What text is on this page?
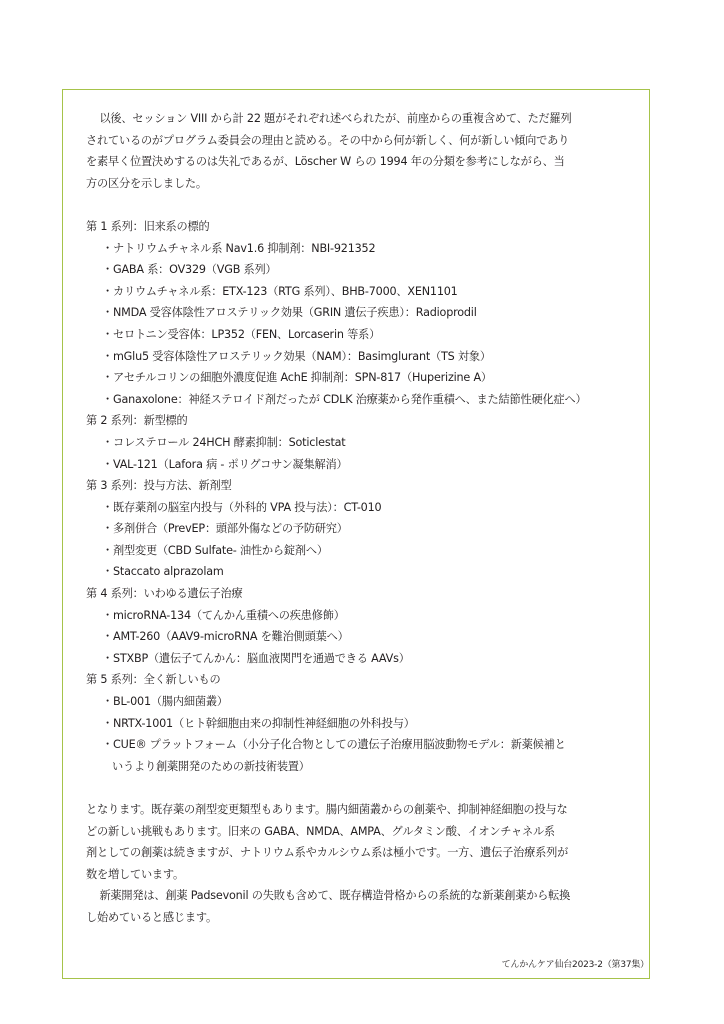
以後、セッション VIII から計 22 題がそれぞれ述べられたが、前座からの重複含めて、ただ羅列

されているのがプログラム委員会の理由と読める。その中から何が新しく、何が新しい傾向であり

を素早く位置決めするのは失礼であるが、Löscher W らの 1994 年の分類を参考にしながら、当

方の区分を示しました。

第 1 系列：旧来系の標的

・ナトリウムチャネル系 Nav1.6 抑制剤：NBI-921352

・GABA 系：OV329（VGB 系列）

・カリウムチャネル系：ETX-123（RTG 系列）、BHB-7000、XEN1101

・NMDA 受容体陰性アロステリック効果（GRIN 遺伝子疾患）：Radioprodil

・セロトニン受容体：LP352（FEN、Lorcaserin 等系）

・mGlu5 受容体陰性アロステリック効果（NAM）：Basimglurant（TS 対象）

・アセチルコリンの細胞外濃度促進 AchE 抑制剤：SPN-817（Huperizine A）

・Ganaxolone：神経ステロイド剤だったが CDLK 治療薬から発作重積へ、また結節性硬化症へ）

第 2 系列：新型標的

・コレステロール 24HCH 酵素抑制：Soticlestat

・VAL-121（Lafora 病 - ポリグコサン凝集解消）

第 3 系列：投与方法、新剤型

・既存薬剤の脳室内投与（外科的 VPA 投与法）：CT-010

・多剤併合（PrevEP：頭部外傷などの予防研究）

・剤型変更（CBD Sulfate- 油性から錠剤へ）

・Staccato alprazolam

第 4 系列：いわゆる遺伝子治療

・microRNA-134（てんかん重積への疾患修飾）

・AMT-260（AAV9-microRNA を難治側頭葉へ）

・STXBP（遺伝子てんかん：脳血液関門を通過できる AAVs）

第 5 系列：全く新しいもの

・BL-001（腸内細菌叢）

・NRTX-1001（ヒト幹細胞由来の抑制性神経細胞の外科投与）

・CUE® プラットフォーム（小分子化合物としての遺伝子治療用脳波動物モデル：新薬候補と

いうより創薬開発のための新技術装置）

となります。既存薬の剤型変更類型もあります。腸内細菌叢からの創薬や、抑制神経細胞の投与な

どの新しい挑戦もあります。旧来の GABA、NMDA、AMPA、グルタミン酸、イオンチャネル系

剤としての創薬は続きますが、ナトリウム系やカルシウム系は極小です。一方、遺伝子治療系列が

数を増しています。

新薬開発は、創薬 Padsevonil の失敗も含めて、既存構造骨格からの系統的な新薬創薬から転換

し始めていると感じます。

てんかんケア仙台2023-2（第37集）
